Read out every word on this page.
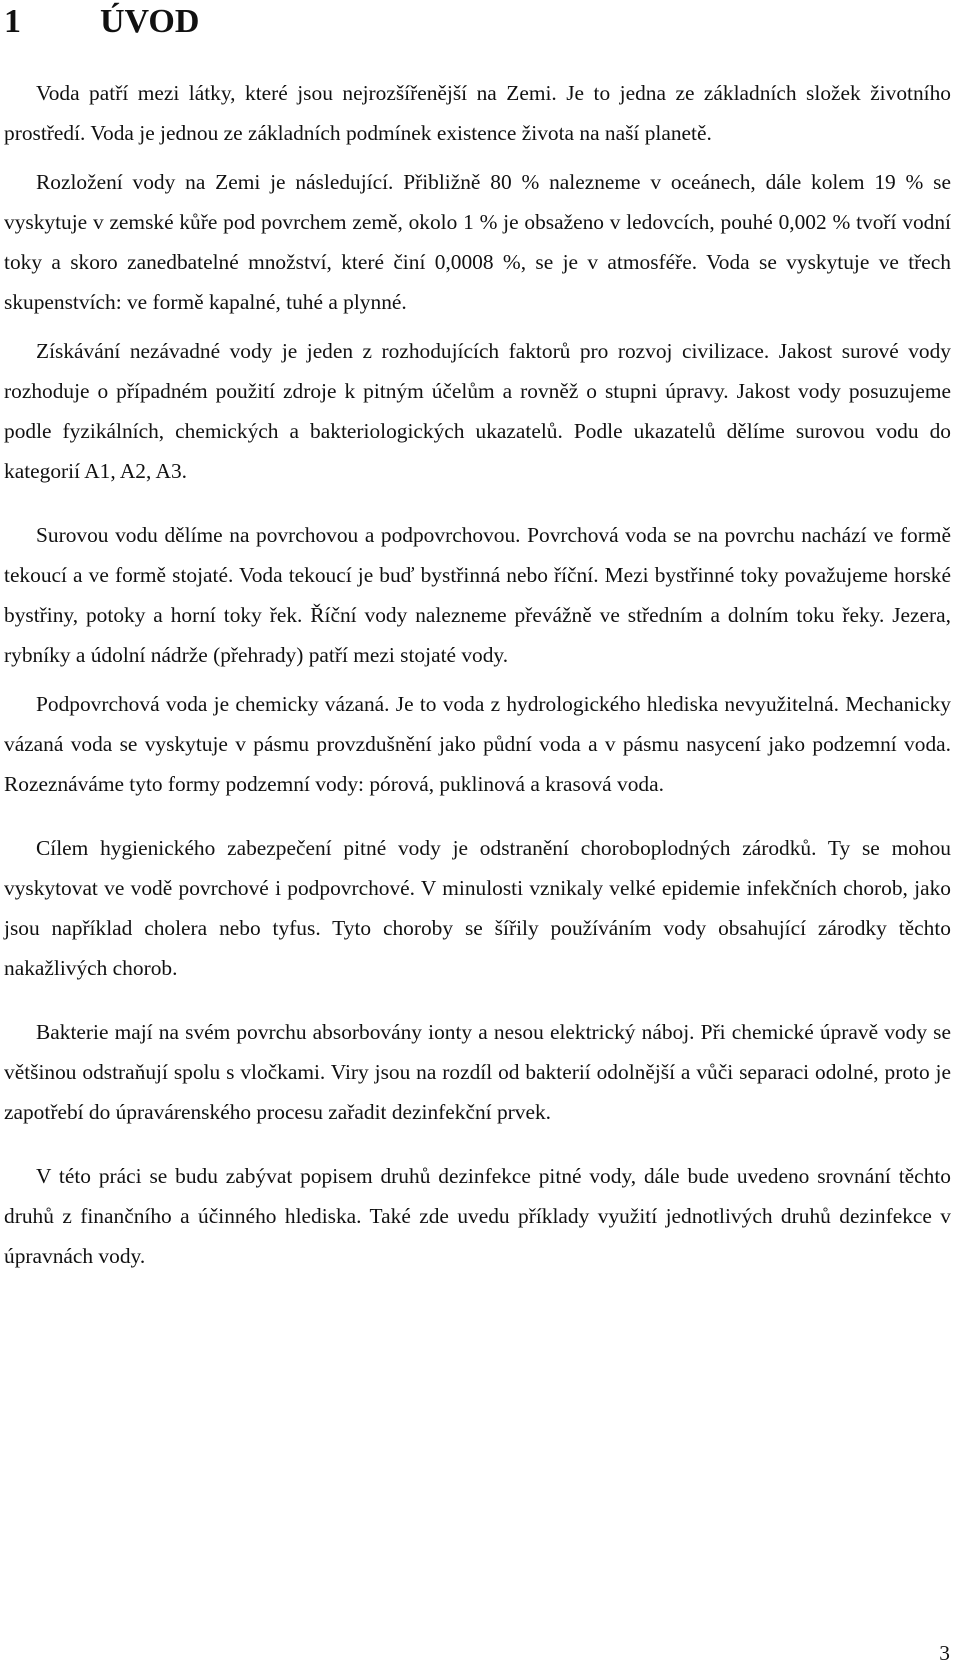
1 ÚVOD

Voda patří mezi látky, které jsou nejrozšířenější na Zemi. Je to jedna ze základních složek životního prostředí. Voda je jednou ze základních podmínek existence života na naší planetě.

Rozložení vody na Zemi je následující. Přibližně 80 % nalezneme v oceánech, dále kolem 19 % se vyskytuje v zemské kůře pod povrchem země, okolo 1 % je obsaženo v ledovcích, pouhé 0,002 % tvoří vodní toky a skoro zanedbatelné množství, které činí 0,0008 %, se je v atmosféře. Voda se vyskytuje ve třech skupenstvích: ve formě kapalné, tuhé a plynné.

Získávání nezávadné vody je jeden z rozhodujících faktorů pro rozvoj civilizace. Jakost surové vody rozhoduje o případném použití zdroje k pitným účelům a rovněž o stupni úpravy. Jakost vody posuzujeme podle fyzikálních, chemických a bakteriologických ukazatelů. Podle ukazatelů dělíme surovou vodu do kategorií A1, A2, A3.

Surovou vodu dělíme na povrchovou a podpovrchovou. Povrchová voda se na povrchu nachází ve formě tekoucí a ve formě stojaté. Voda tekoucí je buď bystřinná nebo říční. Mezi bystřinné toky považujeme horské bystřiny, potoky a horní toky řek. Říční vody nalezneme převážně ve středním a dolním toku řeky. Jezera, rybníky a údolní nádrže (přehrady) patří mezi stojaté vody.

Podpovrchová voda je chemicky vázaná. Je to voda z hydrologického hlediska nevyužitelná. Mechanicky vázaná voda se vyskytuje v pásmu provzdušnění jako půdní voda a v pásmu nasycení jako podzemní voda. Rozeznáváme tyto formy podzemní vody: pórová, puklinová a krasová voda.

Cílem hygienického zabezpečení pitné vody je odstranění choroboplodných zárodků. Ty se mohou vyskytovat ve vodě povrchové i podpovrchové. V minulosti vznikaly velké epidemie infekčních chorob, jako jsou například cholera nebo tyfus. Tyto choroby se šířily používáním vody obsahující zárodky těchto nakažlivých chorob.

Bakterie mají na svém povrchu absorbovány ionty a nesou elektrický náboj. Při chemické úpravě vody se většinou odstraňují spolu s vločkami. Viry jsou na rozdíl od bakterií odolnější a vůči separaci odolné, proto je zapotřebí do úpravárenského procesu zařadit dezinfekční prvek.

V této práci se budu zabývat popisem druhů dezinfekce pitné vody, dále bude uvedeno srovnání těchto druhů z finančního a účinného hlediska. Také zde uvedu příklady využití jednotlivých druhů dezinfekce v úpravnách vody.

3
